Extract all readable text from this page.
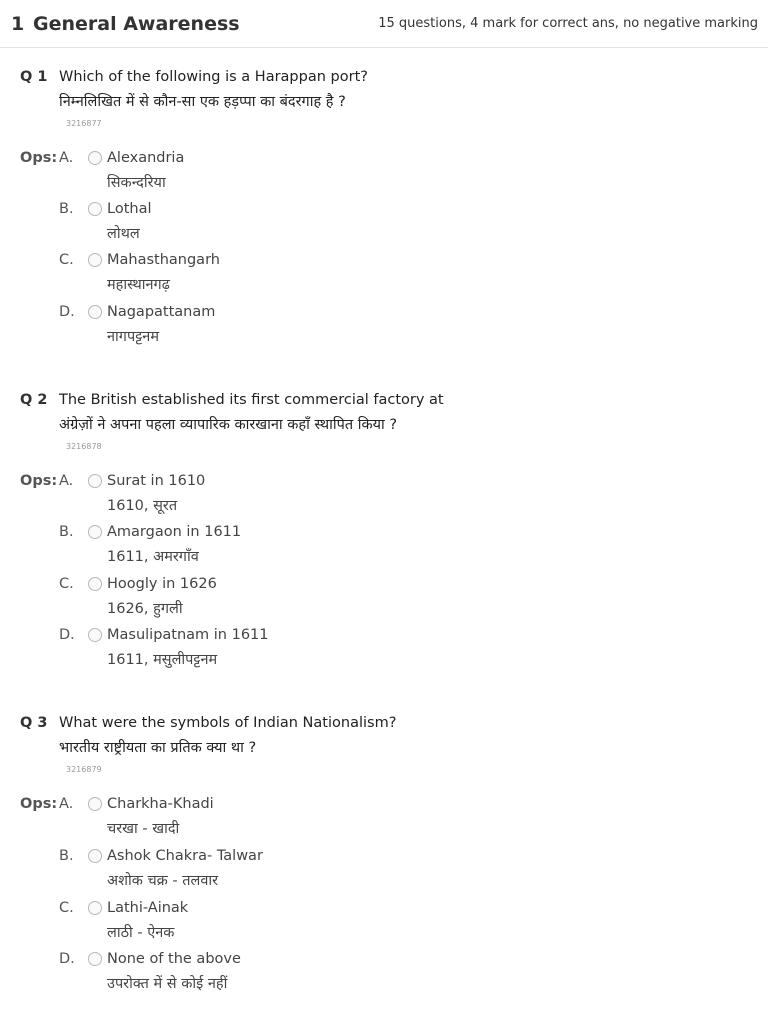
1 General Awareness	15 questions, 4 mark for correct ans, no negative marking
Q 1 Which of the following is a Harappan port?
निम्नलिखित में से कौन-सा एक हड़प्पा का बंदरगाह है ?
3216877
Ops: A. Alexandria
सिकन्दरिया
B. Lothal
लोथल
C. Mahasthangarh
महास्थानगढ़
D. Nagapattanam
नागपट्टनम
Q 2 The British established its first commercial factory at
अंग्रेज़ों ने अपना पहला व्यापारिक कारखाना कहाँ स्थापित किया ?
3216878
Ops: A. Surat in 1610
1610, सूरत
B. Amargaon in 1611
1611, अमरगाँव
C. Hoogly in 1626
1626, हुगली
D. Masulipatnam in 1611
1611, मसुलीपट्टनम
Q 3 What were the symbols of Indian Nationalism?
भारतीय राष्ट्रीयता का प्रतिक क्या था ?
3216879
Ops: A. Charkha-Khadi
चरखा - खादी
B. Ashok Chakra- Talwar
अशोक चक्र - तलवार
C. Lathi-Ainak
लाठी - ऐनक
D. None of the above
उपरोक्त में से कोई नहीं
